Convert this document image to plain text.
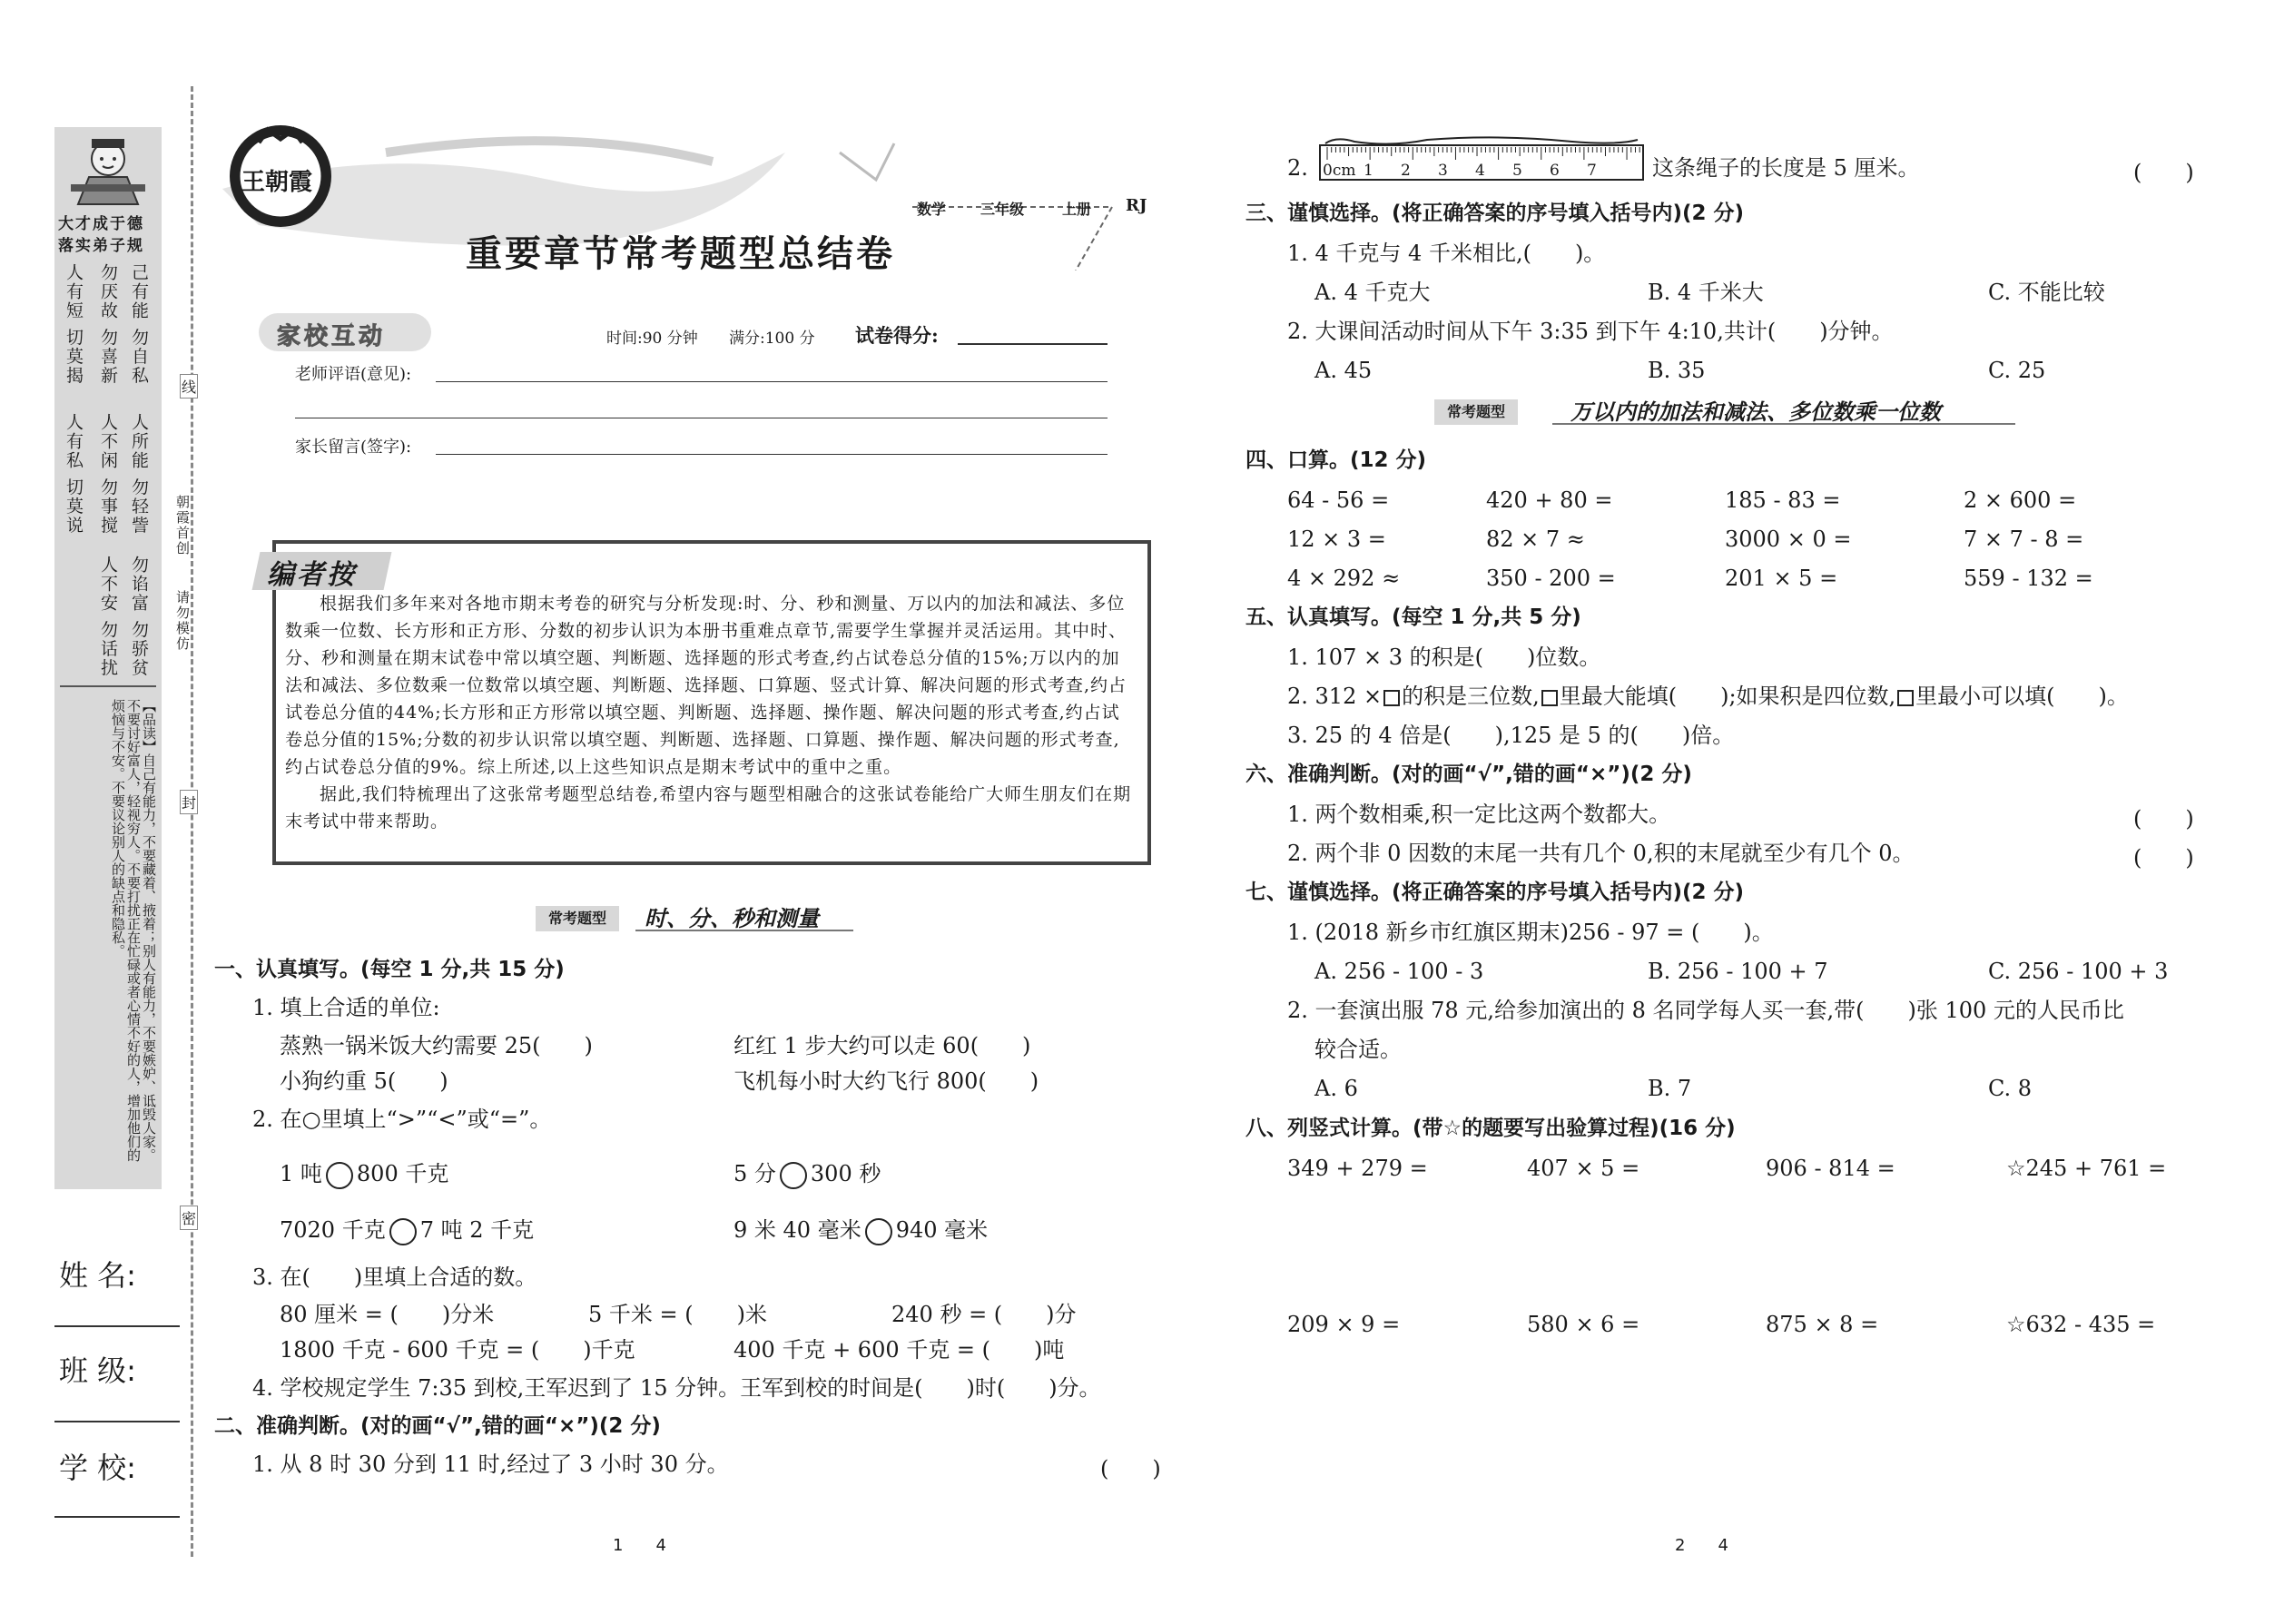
大才成于德
落实弟子规
己有能 勿自私
人所能 勿轻訾
勿谄富 勿骄贫
勿厌故 勿喜新
人不闲 勿事搅
人不安 勿话扰
人有短 切莫揭
人有私 切莫说
【品读】自己有能力，不要藏着、掖着；别人有能力，不要嫉妒、诋毁人家。不要讨好富人，轻视穷人。不要打扰正在忙碌或者心情不好的人，增加他们的烦恼与不安。不要议论别人的缺点和隐私。
姓 名:
班 级:
学 校:
线
封
密
朝霞首创
请勿模仿
王朝霞
数学 三年级	上册 RJ
重要章节常考题型总结卷
家校互动	时间:90 分钟 满分:100 分 试卷得分:
老师评语(意见):
家长留言(签字):
编者按
根据我们多年来对各地市期末考卷的研究与分析发现:时、分、秒和测量、万以内的加法和减法、多位数乘一位数、长方形和正方形、分数的初步认识为本册书重难点章节,需要学生掌握并灵活运用。其中时、分、秒和测量在期末试卷中常以填空题、判断题、选择题的形式考查,约占试卷总分值的15%;万以内的加法和减法、多位数乘一位数常以填空题、判断题、选择题、口算题、竖式计算、解决问题的形式考查,约占试卷总分值的44%;长方形和正方形常以填空题、判断题、选择题、操作题、解决问题的形式考查,约占试卷总分值的15%;分数的初步认识常以填空题、判断题、选择题、口算题、操作题、解决问题的形式考查,约占试卷总分值的9%。综上所述,以上这些知识点是期末考试中的重中之重。
据此,我们特梳理出了这张常考题型总结卷,希望内容与题型相融合的这张试卷能给广大师生朋友们在期末考试中带来帮助。
常考题型	时、分、秒和测量
一、认真填写。(每空 1 分,共 15 分)
1. 填上合适的单位:
蒸熟一锅米饭大约需要 25(　　)	红红 1 步大约可以走 60(　　)
小狗约重 5(　　)	飞机每小时大约飞行 800(　　)
2. 在○里填上“>”“<”或“=”。
1 吨 800 千克	5 分 300 秒
7020 千克 7 吨 2 千克	9 米 40 毫米 940 毫米
3. 在(　　)里填上合适的数。
80 厘米 = (　　)分米	5 千米 = (　　)米	240 秒 = (　　)分
1800 千克 - 600 千克 = (　　)千克	400 千克 + 600 千克 = (　　)吨
4. 学校规定学生 7:35 到校,王军迟到了 15 分钟。王军到校的时间是(　　)时(　　)分。
二、准确判断。(对的画“√”,错的画“×”)(2 分)
1. 从 8 时 30 分到 11 时,经过了 3 小时 30 分。	(　　)
1　　4
2. 0cm 1 2 3 4 5 6 7	这条绳子的长度是 5 厘米。	(　　)
三、谨慎选择。(将正确答案的序号填入括号内)(2 分)
1. 4 千克与 4 千米相比,(　　)。
A. 4 千克大	B. 4 千米大	C. 不能比较
2. 大课间活动时间从下午 3:35 到下午 4:10,共计(　　)分钟。
A. 45	B. 35	C. 25
常考题型	万以内的加法和减法、多位数乘一位数
四、口算。(12 分)
64 - 56 =	420 + 80 =	185 - 83 =	2 × 600 =
12 × 3 =	82 × 7 ≈	3000 × 0 =	7 × 7 - 8 =
4 × 292 ≈	350 - 200 =	201 × 5 =	559 - 132 =
五、认真填写。(每空 1 分,共 5 分)
1. 107 × 3 的积是(　　)位数。
2. 312 × 的积是三位数, 里最大能填(　　);如果积是四位数, 里最小可以填(　　)。
3. 25 的 4 倍是(　　),125 是 5 的(　　)倍。
六、准确判断。(对的画“√”,错的画“×”)(2 分)
1. 两个数相乘,积一定比这两个数都大。	(　　)
2. 两个非 0 因数的末尾一共有几个 0,积的末尾就至少有几个 0。	(　　)
七、谨慎选择。(将正确答案的序号填入括号内)(2 分)
1. (2018 新乡市红旗区期末)256 - 97 = (　　)。
A. 256 - 100 - 3	B. 256 - 100 + 7	C. 256 - 100 + 3
2. 一套演出服 78 元,给参加演出的 8 名同学每人买一套,带(　　)张 100 元的人民币比
较合适。
A. 6	B. 7	C. 8
八、列竖式计算。(带☆的题要写出验算过程)(16 分)
349 + 279 =	407 × 5 =	906 - 814 =	☆245 + 761 =
209 × 9 =	580 × 6 =	875 × 8 =	☆632 - 435 =
2　　4
